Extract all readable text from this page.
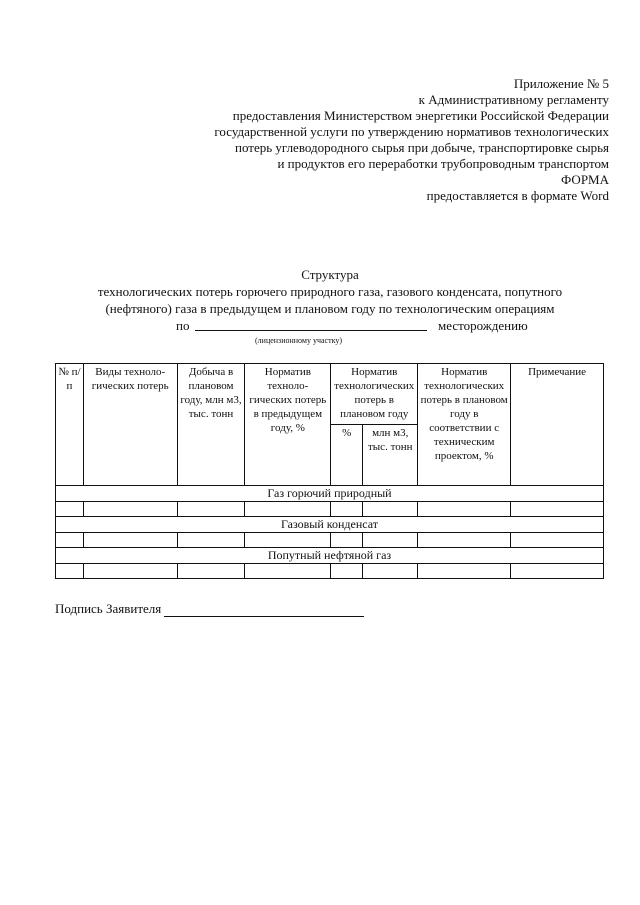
Приложение № 5
к Административному регламенту
предоставления Министерством энергетики Российской Федерации
государственной услуги по утверждению нормативов технологических
потерь углеводородного сырья при добыче, транспортировке сырья
и продуктов его переработки трубопроводным транспортом
ФОРМА
предоставляется в формате Word
Структура
технологических потерь горючего природного газа, газового конденсата, попутного
(нефтяного) газа в предыдущем и плановом году по технологическим операциям
по	месторождению
(лицензионному участку)
№ п/п	Виды техноло-гических потерь	Добыча в плановом году, млн м3, тыс. тонн	Норматив техноло-гических потерь в предыдущем году, %	Норматив технологических потерь в плановом году		Норматив технологических потерь в плановом году в соответствии с техническим проектом, %	Примечание
				%	млн м3, тыс. тонн		
Газ горючий природный							

Газовый конденсат							

Попутный нефтяной газ							

Подпись Заявителя
